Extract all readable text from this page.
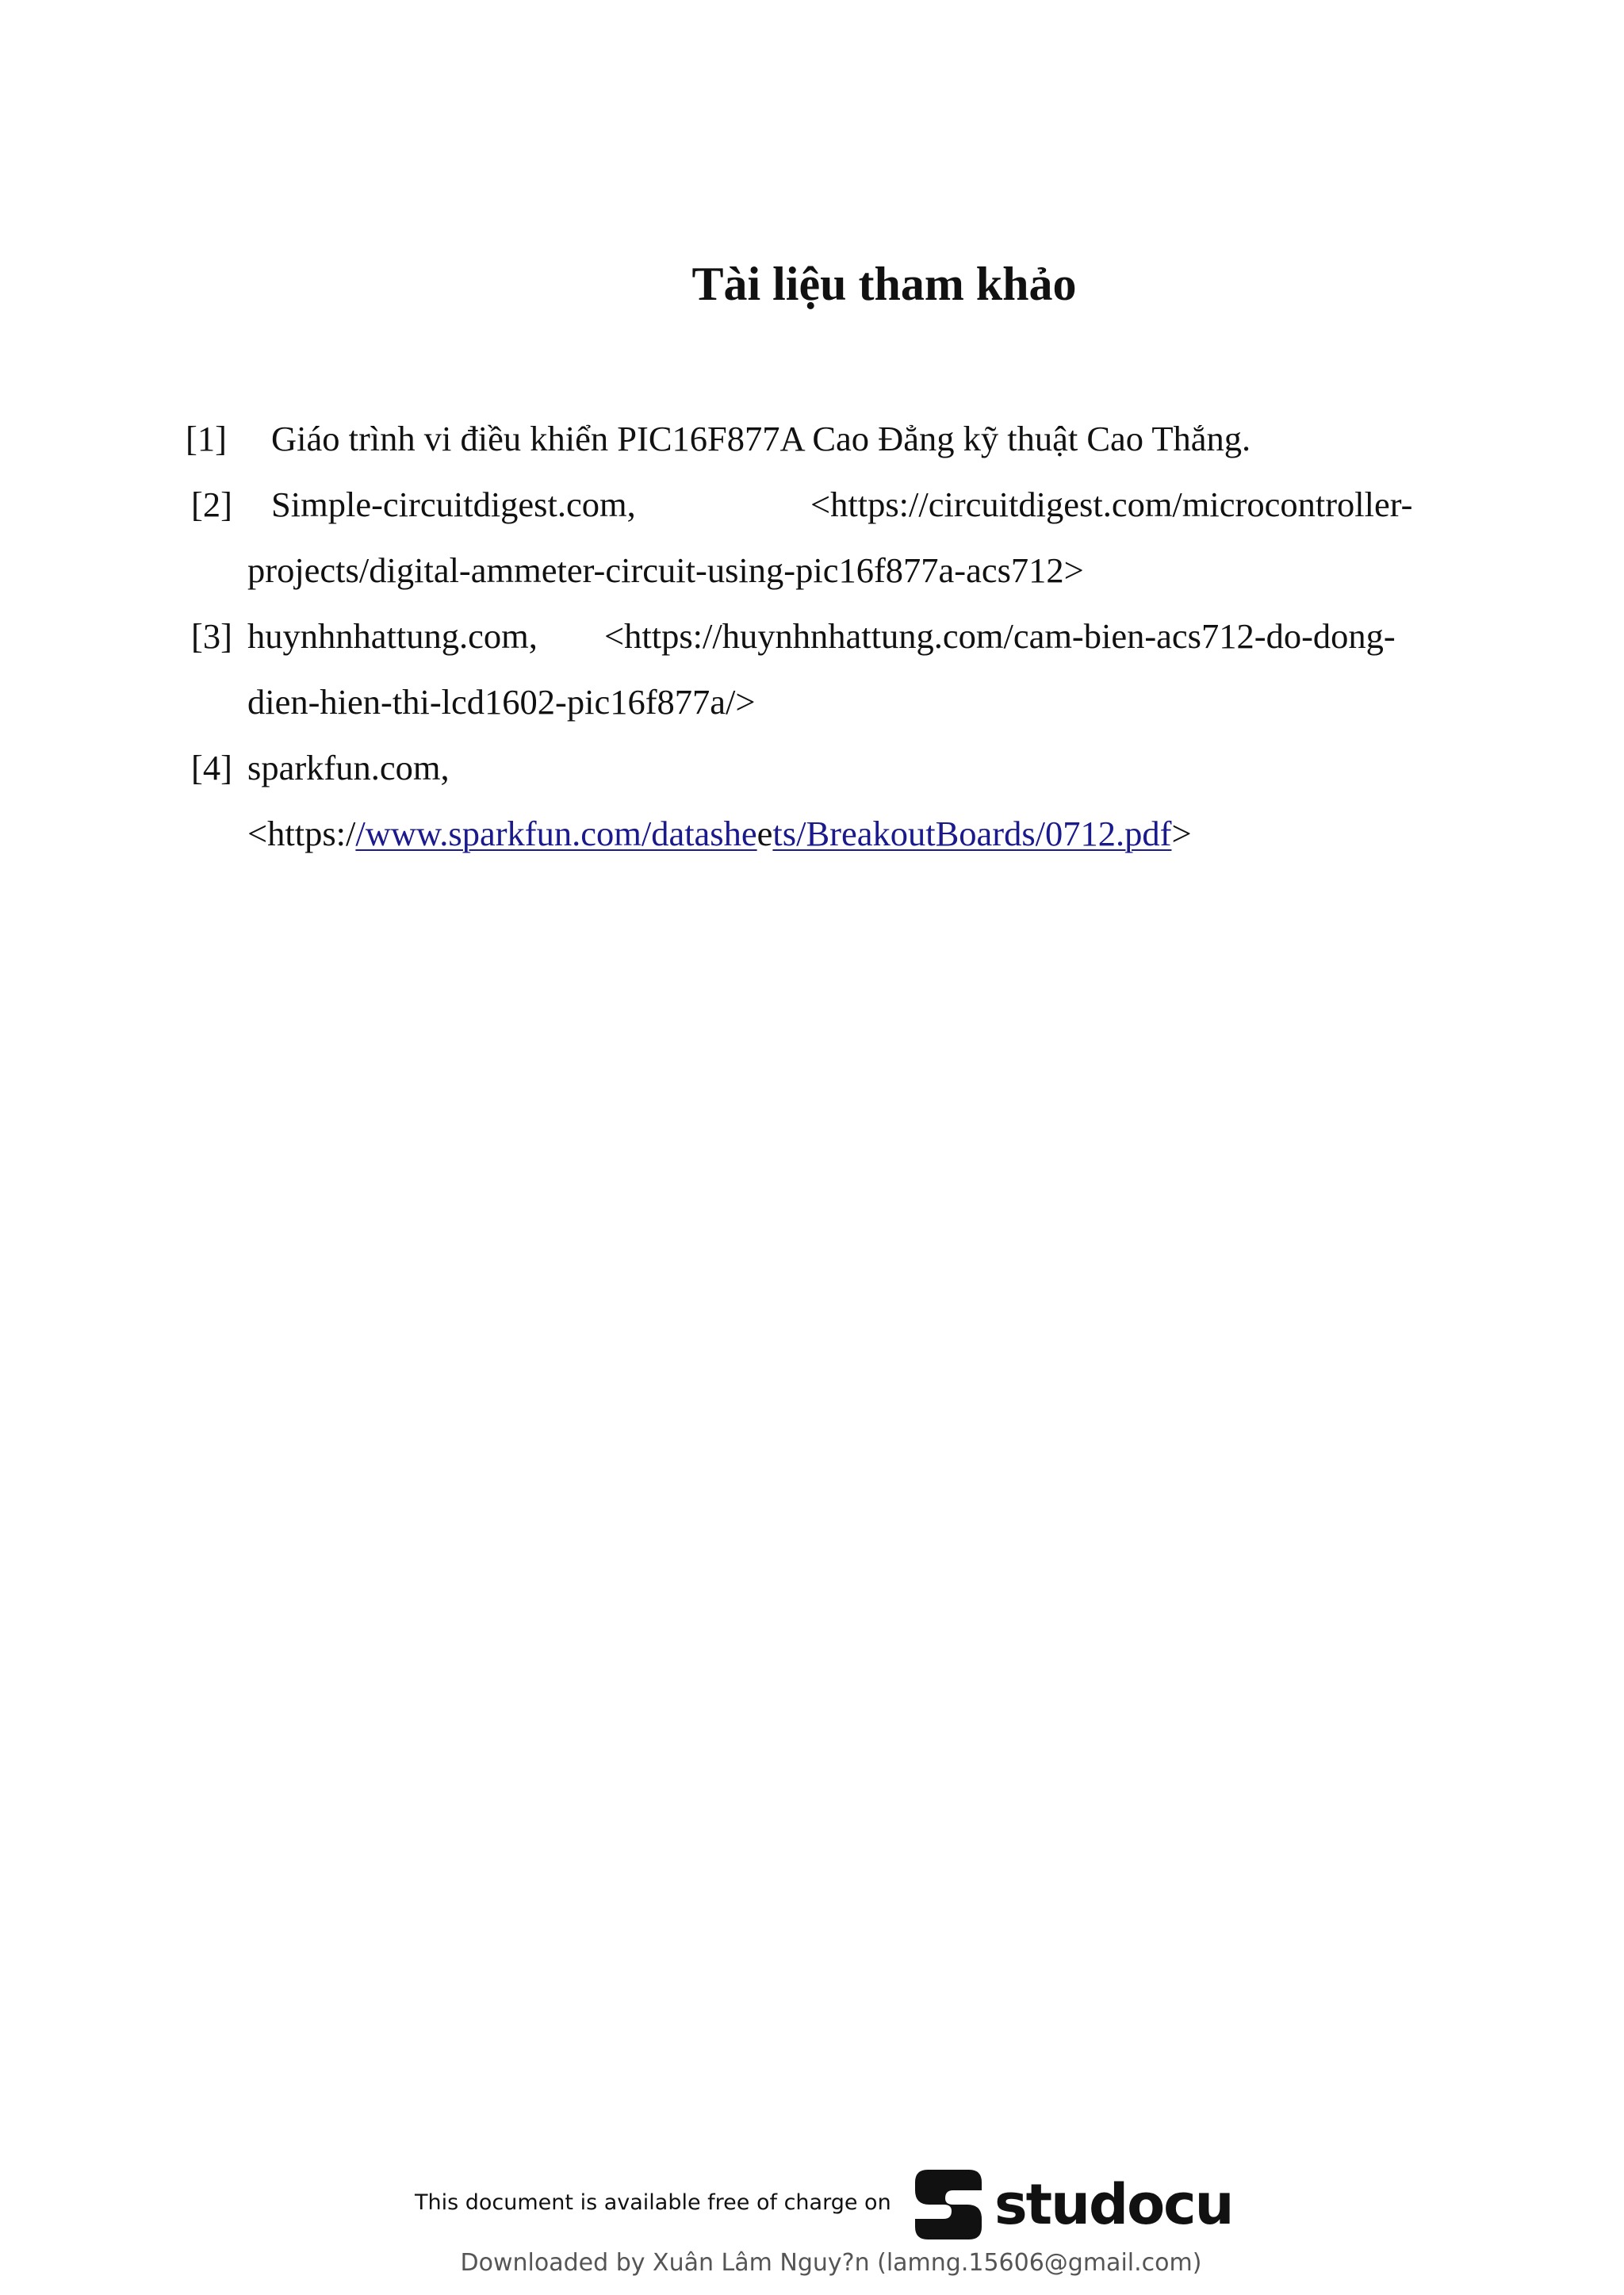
Tài liệu tham khảo
[1] Giáo trình vi điều khiển PIC16F877A Cao Đẳng kỹ thuật Cao Thắng.
[2] Simple-circuitdigest.com,	<https://circuitdigest.com/microcontroller-
projects/digital-ammeter-circuit-using-pic16f877a-acs712>
[3] huynhnhattung.com, <https://huynhnhattung.com/cam-bien-acs712-do-dong-
dien-hien-thi-lcd1602-pic16f877a/>
[4] sparkfun.com,
<https://www.sparkfun.com/datasheets/BreakoutBoards/0712.pdf>
This document is available free of charge on studocu
Downloaded by Xuân Lâm Nguy?n (lamng.15606@gmail.com)
